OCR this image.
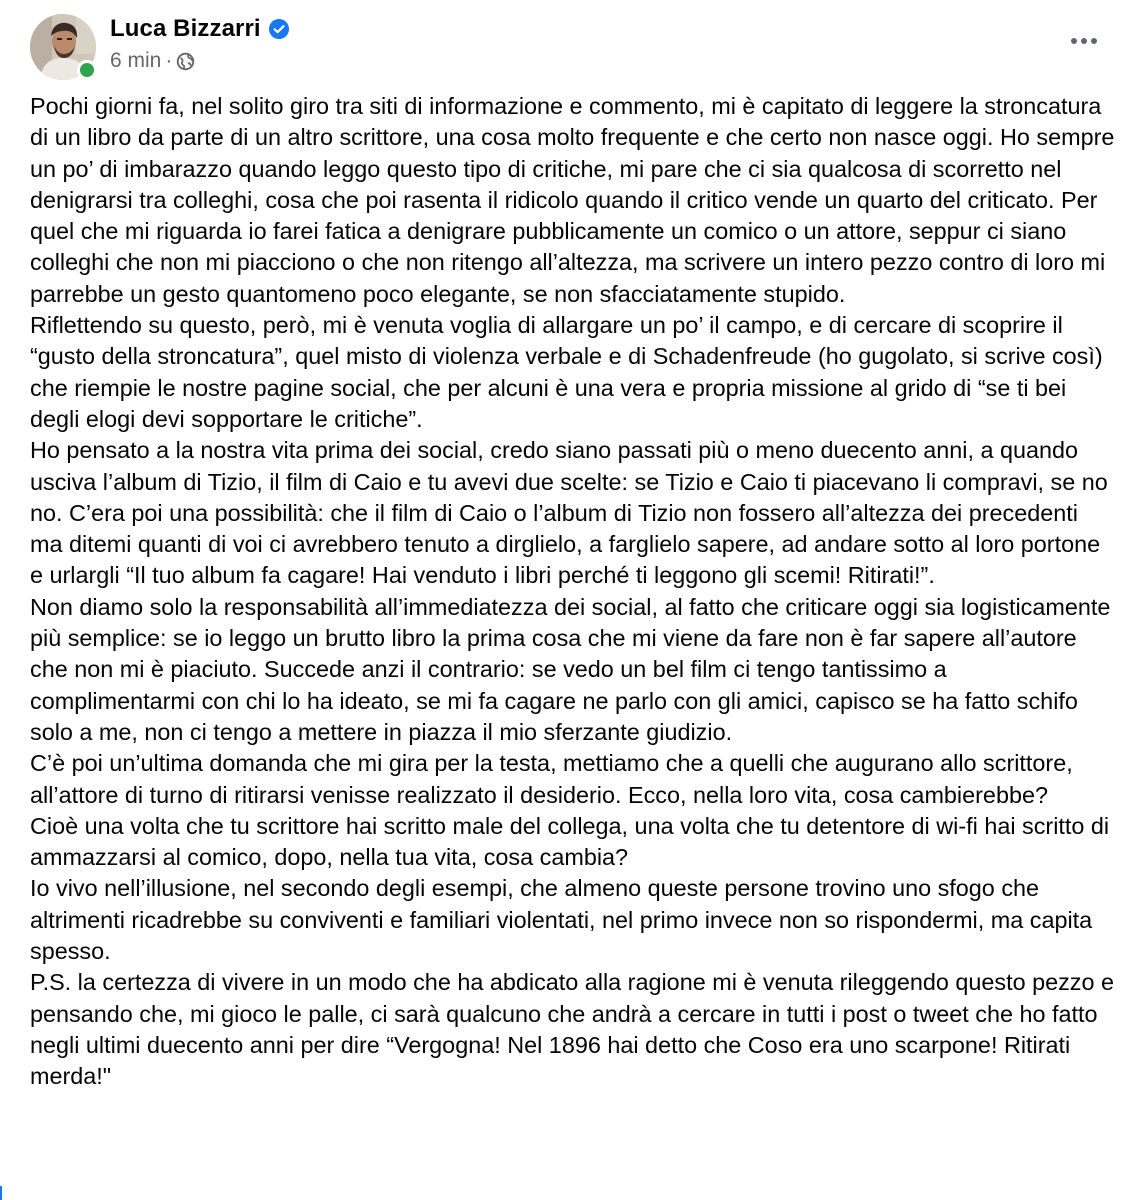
Luca Bizzarri
6 min ·

Pochi giorni fa, nel solito giro tra siti di informazione e commento, mi è capitato di leggere la stroncatura di un libro da parte di un altro scrittore, una cosa molto frequente e che certo non nasce oggi. Ho sempre un po’ di imbarazzo quando leggo questo tipo di critiche, mi pare che ci sia qualcosa di scorretto nel denigrarsi tra colleghi, cosa che poi rasenta il ridicolo quando il critico vende un quarto del criticato. Per quel che mi riguarda io farei fatica a denigrare pubblicamente un comico o un attore, seppur ci siano colleghi che non mi piacciono o che non ritengo all’altezza, ma scrivere un intero pezzo contro di loro mi parrebbe un gesto quantomeno poco elegante, se non sfacciatamente stupido.

Riflettendo su questo, però, mi è venuta voglia di allargare un po’ il campo, e di cercare di scoprire il “gusto della stroncatura”, quel misto di violenza verbale e di Schadenfreude (ho gugolato, si scrive così) che riempie le nostre pagine social, che per alcuni è una vera e propria missione al grido di “se ti bei degli elogi devi sopportare le critiche”.

Ho pensato a la nostra vita prima dei social, credo siano passati più o meno duecento anni, a quando usciva l’album di Tizio, il film di Caio e tu avevi due scelte: se Tizio e Caio ti piacevano li compravi, se no no. C’era poi una possibilità: che il film di Caio o l’album di Tizio non fossero all’altezza dei precedenti ma ditemi quanti di voi ci avrebbero tenuto a dirglielo, a farglielo sapere, ad andare sotto al loro portone e urlargli “Il tuo album fa cagare! Hai venduto i libri perché ti leggono gli scemi! Ritirati!”.

Non diamo solo la responsabilità all’immediatezza dei social, al fatto che criticare oggi sia logisticamente più semplice: se io leggo un brutto libro la prima cosa che mi viene da fare non è far sapere all’autore che non mi è piaciuto. Succede anzi il contrario: se vedo un bel film ci tengo tantissimo a complimentarmi con chi lo ha ideato, se mi fa cagare ne parlo con gli amici, capisco se ha fatto schifo solo a me, non ci tengo a mettere in piazza il mio sferzante giudizio.

C’è poi un’ultima domanda che mi gira per la testa, mettiamo che a quelli che augurano allo scrittore, all’attore di turno di ritirarsi venisse realizzato il desiderio. Ecco, nella loro vita, cosa cambierebbe?

Cioè una volta che tu scrittore hai scritto male del collega, una volta che tu detentore di wi-fi hai scritto di ammazzarsi al comico, dopo, nella tua vita, cosa cambia?

Io vivo nell’illusione, nel secondo degli esempi, che almeno queste persone trovino uno sfogo che altrimenti ricadrebbe su conviventi e familiari violentati, nel primo invece non so rispondermi, ma capita spesso.

P.S. la certezza di vivere in un modo che ha abdicato alla ragione mi è venuta rileggendo questo pezzo e pensando che, mi gioco le palle, ci sarà qualcuno che andrà a cercare in tutti i post o tweet che ho fatto negli ultimi duecento anni per dire “Vergogna! Nel 1896 hai detto che Coso era uno scarpone! Ritirati merda!"
